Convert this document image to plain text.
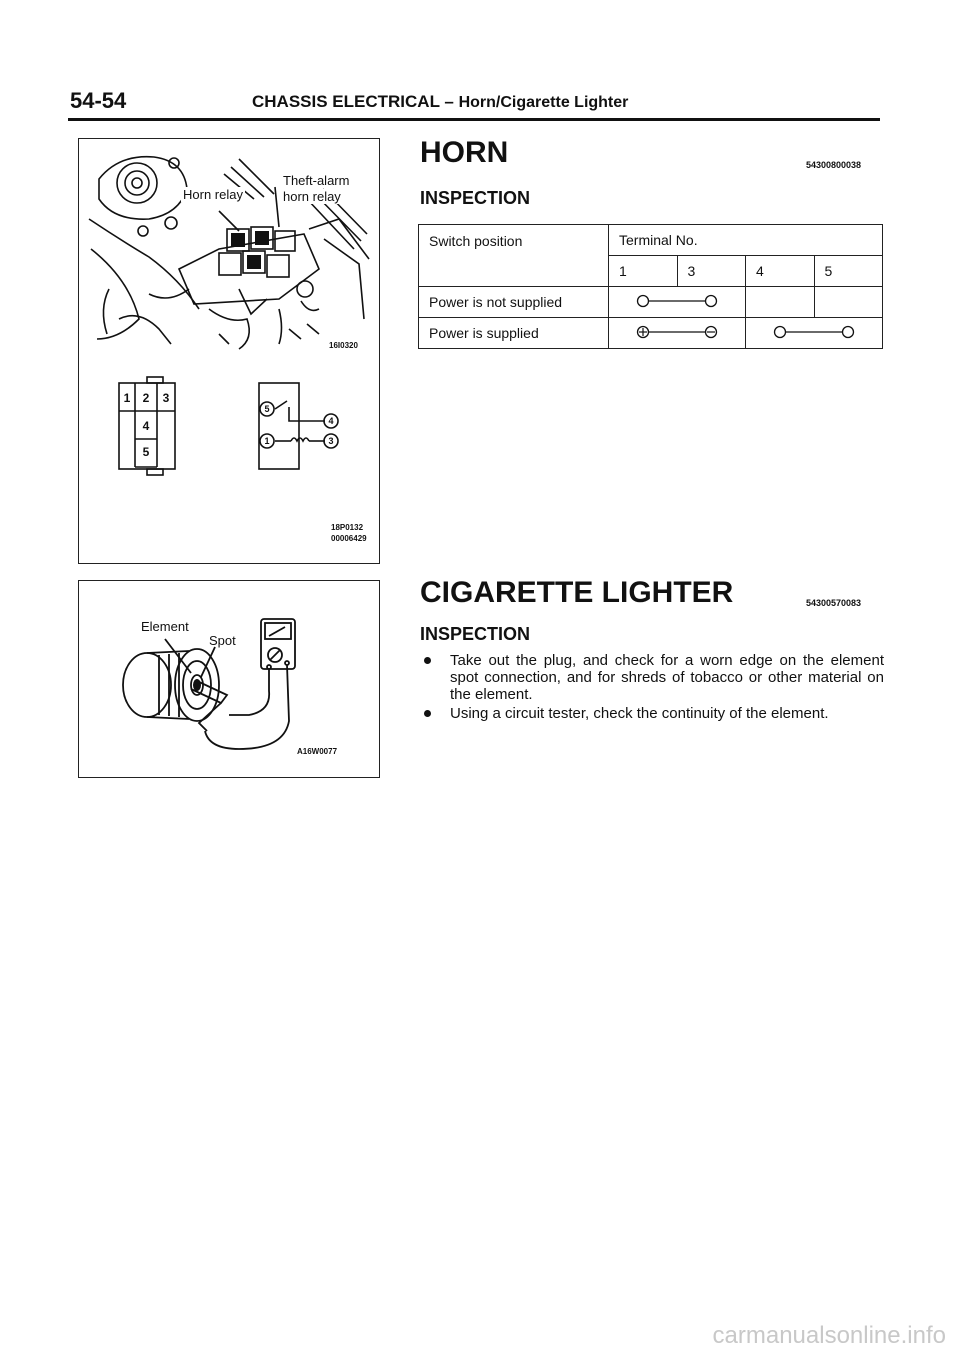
54-54	CHASSIS ELECTRICAL – Horn/Cigarette Lighter
1 2 3
4
5
5
4
1	3
Horn relay
Theft-alarm
horn relay
16I0320
18P0132
00006429
Element
Spot
A16W0077
HORN	54300800038
INSPECTION
Switch position	Terminal No.			
	1	3	4	5
Power is not supplied			
Power is supplied		
CIGARETTE LIGHTER	54300570083
INSPECTION
Take out the plug, and check for a worn edge on the element spot connection, and for shreds of tobacco or other material on the element.
Using a circuit tester, check the continuity of the element.
carmanualsonline.info
